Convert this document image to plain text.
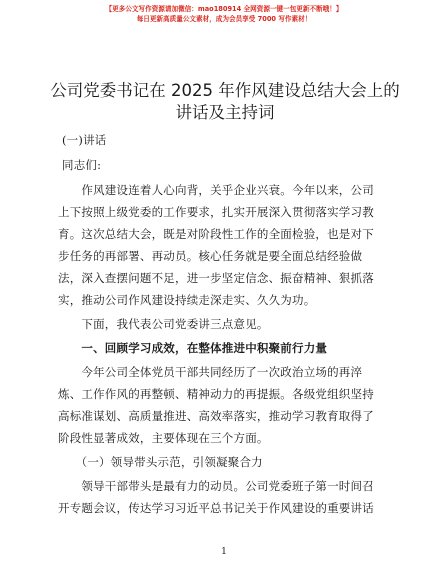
【更多公文写作资源请加微信：mao180914 全网资源一键一包更新不断哦！】
每日更新高质量公文素材，成为会员享受 7000 写作素材！
公司党委书记在 2025 年作风建设总结大会上的
讲话及主持词
(一)讲话
同志们:
　　作风建设连着人心向背，关乎企业兴衰。今年以来，公司
上下按照上级党委的工作要求，扎实开展深入贯彻落实学习教
育。这次总结大会，既是对阶段性工作的全面检验，也是对下
步任务的再部署、再动员。核心任务就是要全面总结经验做
法，深入查摆问题不足，进一步坚定信念、振奋精神、狠抓落
实，推动公司作风建设持续走深走实、久久为功。
　　下面，我代表公司党委讲三点意见。
　　一、回顾学习成效，在整体推进中积聚前行力量
　　今年公司全体党员干部共同经历了一次政治立场的再淬
炼、工作作风的再整顿、精神动力的再提振。各级党组织坚持
高标准谋划、高质量推进、高效率落实，推动学习教育取得了
阶段性显著成效，主要体现在三个方面。
　　（一）领导带头示范，引领凝聚合力
　　领导干部带头是最有力的动员。公司党委班子第一时间召
开专题会议，传达学习习近平总书记关于作风建设的重要讲话
1
